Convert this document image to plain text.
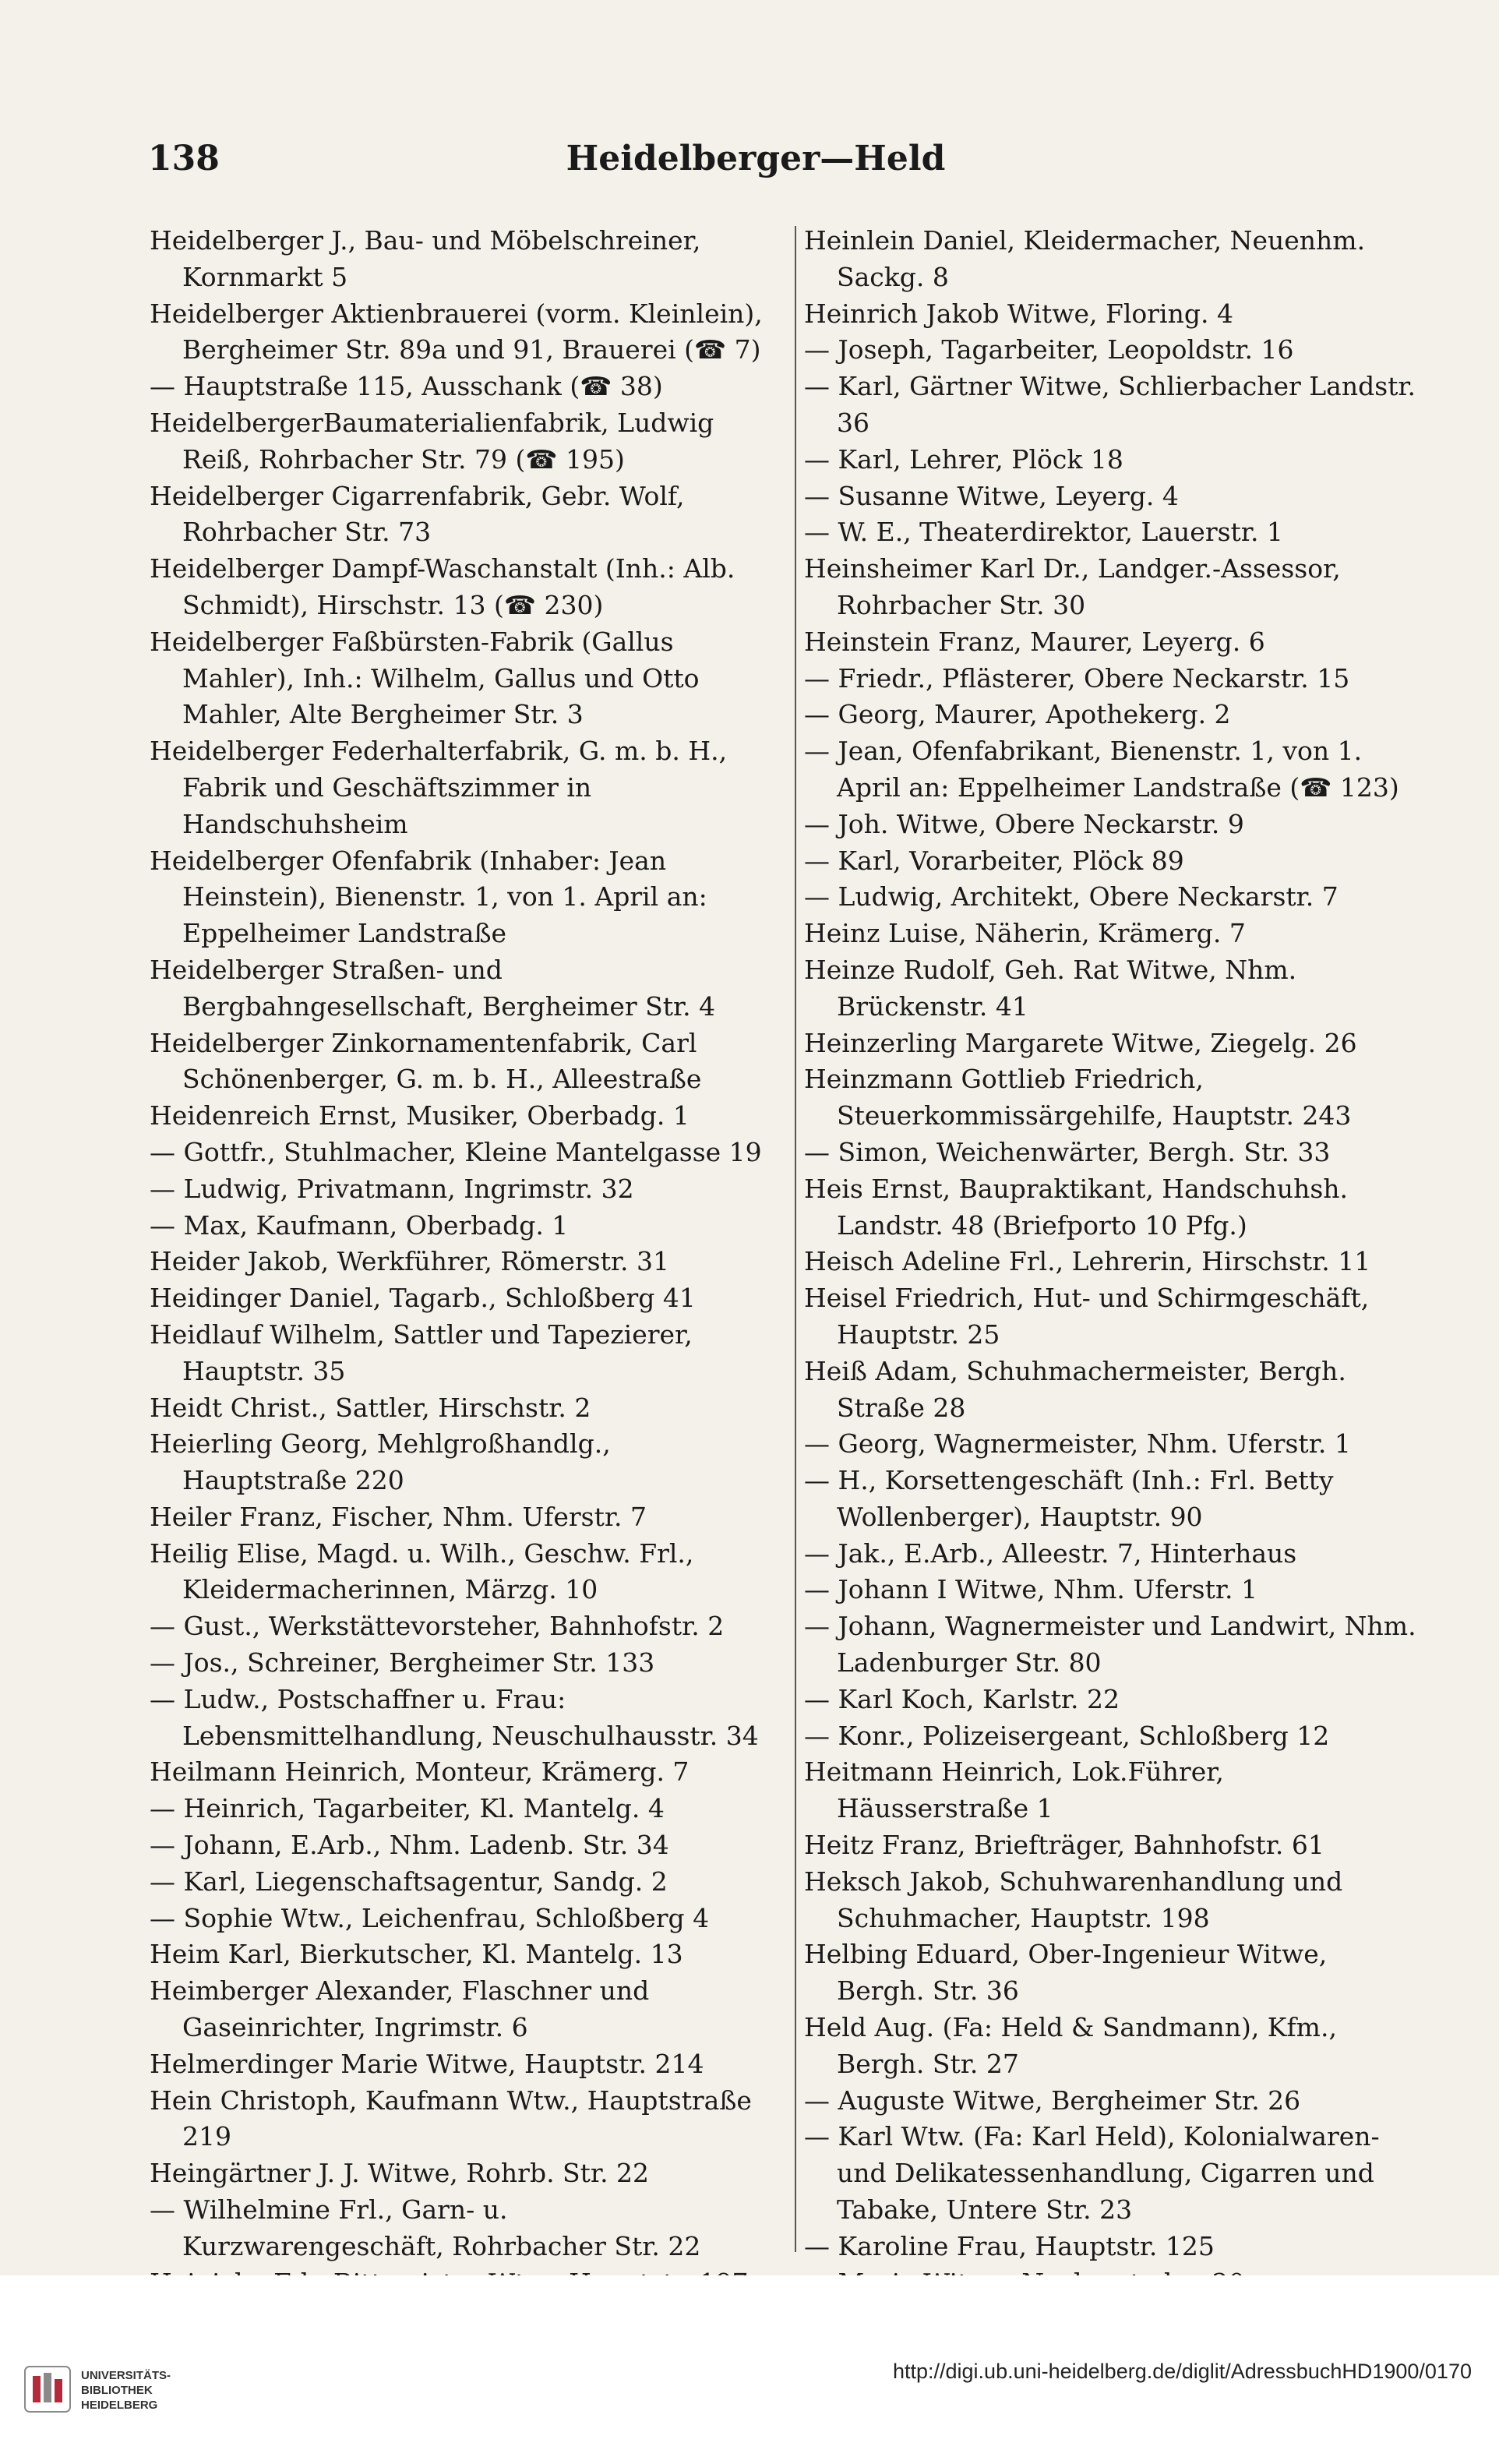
138	Heidelberger—Held

Heidelberger J., Bau- und Möbelschreiner, Kornmarkt 5

Heidelberger Aktienbrauerei (vorm. Kleinlein), Bergheimer Str. 89a und 91, Brauerei (☎ 7)

— Hauptstraße 115, Ausschank (☎ 38)

HeidelbergerBaumaterialienfabrik, Ludwig Reiß, Rohrbacher Str. 79 (☎ 195)

Heidelberger Cigarrenfabrik, Gebr. Wolf, Rohrbacher Str. 73

Heidelberger Dampf-Waschanstalt (Inh.: Alb. Schmidt), Hirschstr. 13 (☎ 230)

Heidelberger Faßbürsten-Fabrik (Gallus Mahler), Inh.: Wilhelm, Gallus und Otto Mahler, Alte Bergheimer Str. 3

Heidelberger Federhalterfabrik, G. m. b. H., Fabrik und Geschäftszimmer in Handschuhsheim

Heidelberger Ofenfabrik (Inhaber: Jean Heinstein), Bienenstr. 1, von 1. April an: Eppelheimer Landstraße

Heidelberger Straßen- und Bergbahngesellschaft, Bergheimer Str. 4

Heidelberger Zinkornamentenfabrik, Carl Schönenberger, G. m. b. H., Alleestraße

Heidenreich Ernst, Musiker, Oberbadg. 1

— Gottfr., Stuhlmacher, Kleine Mantelgasse 19

— Ludwig, Privatmann, Ingrimstr. 32

— Max, Kaufmann, Oberbadg. 1

Heider Jakob, Werkführer, Römerstr. 31

Heidinger Daniel, Tagarb., Schloßberg 41

Heidlauf Wilhelm, Sattler und Tapezierer, Hauptstr. 35

Heidt Christ., Sattler, Hirschstr. 2

Heierling Georg, Mehlgroßhandlg., Hauptstraße 220

Heiler Franz, Fischer, Nhm. Uferstr. 7

Heilig Elise, Magd. u. Wilh., Geschw. Frl., Kleidermacherinnen, Märzg. 10

— Gust., Werkstättevorsteher, Bahnhofstr. 2

— Jos., Schreiner, Bergheimer Str. 133

— Ludw., Postschaffner u. Frau: Lebensmittelhandlung, Neuschulhausstr. 34

Heilmann Heinrich, Monteur, Krämerg. 7

— Heinrich, Tagarbeiter, Kl. Mantelg. 4

— Johann, E.Arb., Nhm. Ladenb. Str. 34

— Karl, Liegenschaftsagentur, Sandg. 2

— Sophie Wtw., Leichenfrau, Schloßberg 4

Heim Karl, Bierkutscher, Kl. Mantelg. 13

Heimberger Alexander, Flaschner und Gaseinrichter, Ingrimstr. 6

Helmerdinger Marie Witwe, Hauptstr. 214

Hein Christoph, Kaufmann Wtw., Hauptstraße 219

Heingärtner J. J. Witwe, Rohrb. Str. 22

— Wilhelmine Frl., Garn- u. Kurzwarengeschäft, Rohrbacher Str. 22

Heinlein Daniel, Kleidermacher, Neuenhm. Sackg. 8

Heinrich Jakob Witwe, Floring. 4

— Joseph, Tagarbeiter, Leopoldstr. 16

— Karl, Gärtner Witwe, Schlierbacher Landstr. 36

— Karl, Lehrer, Plöck 18

— Susanne Witwe, Leyerg. 4

— W. E., Theaterdirektor, Lauerstr. 1

Heinsheimer Karl Dr., Landger.-Assessor, Rohrbacher Str. 30

Heinstein Franz, Maurer, Leyerg. 6

— Friedr., Pflästerer, Obere Neckarstr. 15

— Georg, Maurer, Apothekerg. 2

— Jean, Ofenfabrikant, Bienenstr. 1, von 1. April an: Eppelheimer Landstraße (☎ 123)

— Joh. Witwe, Obere Neckarstr. 9

— Karl, Vorarbeiter, Plöck 89

— Ludwig, Architekt, Obere Neckarstr. 7

Heinz Luise, Näherin, Krämerg. 7

Heinze Rudolf, Geh. Rat Witwe, Nhm. Brückenstr. 41

Heinzerling Margarete Witwe, Ziegelg. 26

Heinzmann Gottlieb Friedrich, Steuerkommissärgehilfe, Hauptstr. 243

— Simon, Weichenwärter, Bergh. Str. 33

Heis Ernst, Baupraktikant, Handschuhsh. Landstr. 48 (Briefporto 10 Pfg.)

Heisch Adeline Frl., Lehrerin, Hirschstr. 11

Heisel Friedrich, Hut- und Schirmgeschäft, Hauptstr. 25

Heiß Adam, Schuhmachermeister, Bergh. Straße 28

— Georg, Wagnermeister, Nhm. Uferstr. 1

— H., Korsettengeschäft (Inh.: Frl. Betty Wollenberger), Hauptstr. 90

— Jak., E.Arb., Alleestr. 7, Hinterhaus

— Johann I Witwe, Nhm. Uferstr. 1

— Johann, Wagnermeister und Landwirt, Nhm. Ladenburger Str. 80

— Karl Koch, Karlstr. 22

— Konr., Polizeisergeant, Schloßberg 12

Heitmann Heinrich, Lok.Führer, Häusserstraße 1

Heitz Franz, Briefträger, Bahnhofstr. 61

Heksch Jakob, Schuhwarenhandlung und Schuhmacher, Hauptstr. 198

Helbing Eduard, Ober-Ingenieur Witwe, Bergh. Str. 36

Held Aug. (Fa: Held & Sandmann), Kfm., Bergh. Str. 27

— Auguste Witwe, Bergheimer Str. 26

— Karl Wtw. (Fa: Karl Held), Kolonialwaren- und Delikatessenhandlung, Cigarren und Tabake, Untere Str. 23

— Karoline Frau, Hauptstr. 125

UNIVERSITÄTS-
BIBLIOTHEK
HEIDELBERG
http://digi.ub.uni-heidelberg.de/diglit/AdressbuchHD1900/0170
